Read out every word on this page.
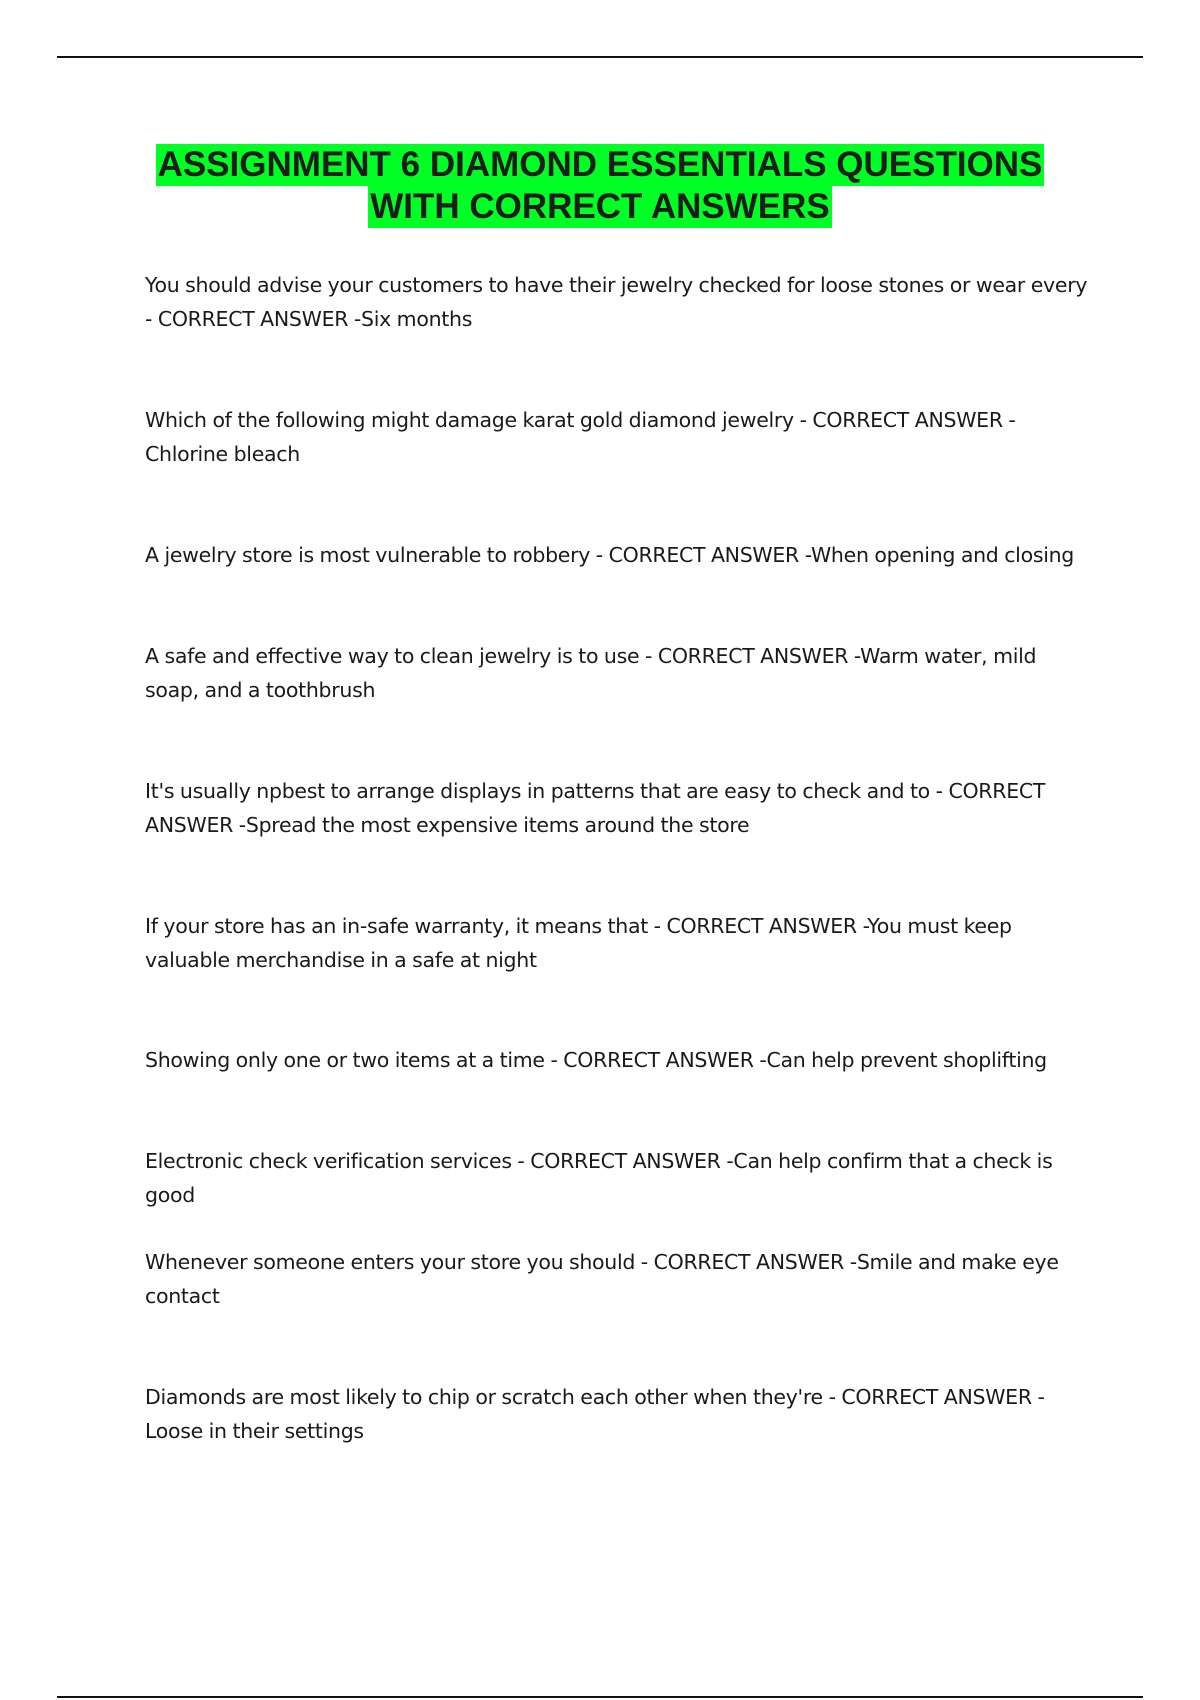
ASSIGNMENT 6 DIAMOND ESSENTIALS QUESTIONS
WITH CORRECT ANSWERS
You should advise your customers to have their jewelry checked for loose stones or wear every - CORRECT ANSWER -Six months
Which of the following might damage karat gold diamond jewelry - CORRECT ANSWER -Chlorine bleach
A jewelry store is most vulnerable to robbery - CORRECT ANSWER -When opening and closing
A safe and effective way to clean jewelry is to use - CORRECT ANSWER -Warm water, mild soap, and a toothbrush
It's usually npbest to arrange displays in patterns that are easy to check and to - CORRECT ANSWER -Spread the most expensive items around the store
If your store has an in-safe warranty, it means that - CORRECT ANSWER -You must keep valuable merchandise in a safe at night
Showing only one or two items at a time - CORRECT ANSWER -Can help prevent shoplifting
Electronic check verification services - CORRECT ANSWER -Can help confirm that a check is good
Whenever someone enters your store you should - CORRECT ANSWER -Smile and make eye contact
Diamonds are most likely to chip or scratch each other when they're - CORRECT ANSWER -Loose in their settings
